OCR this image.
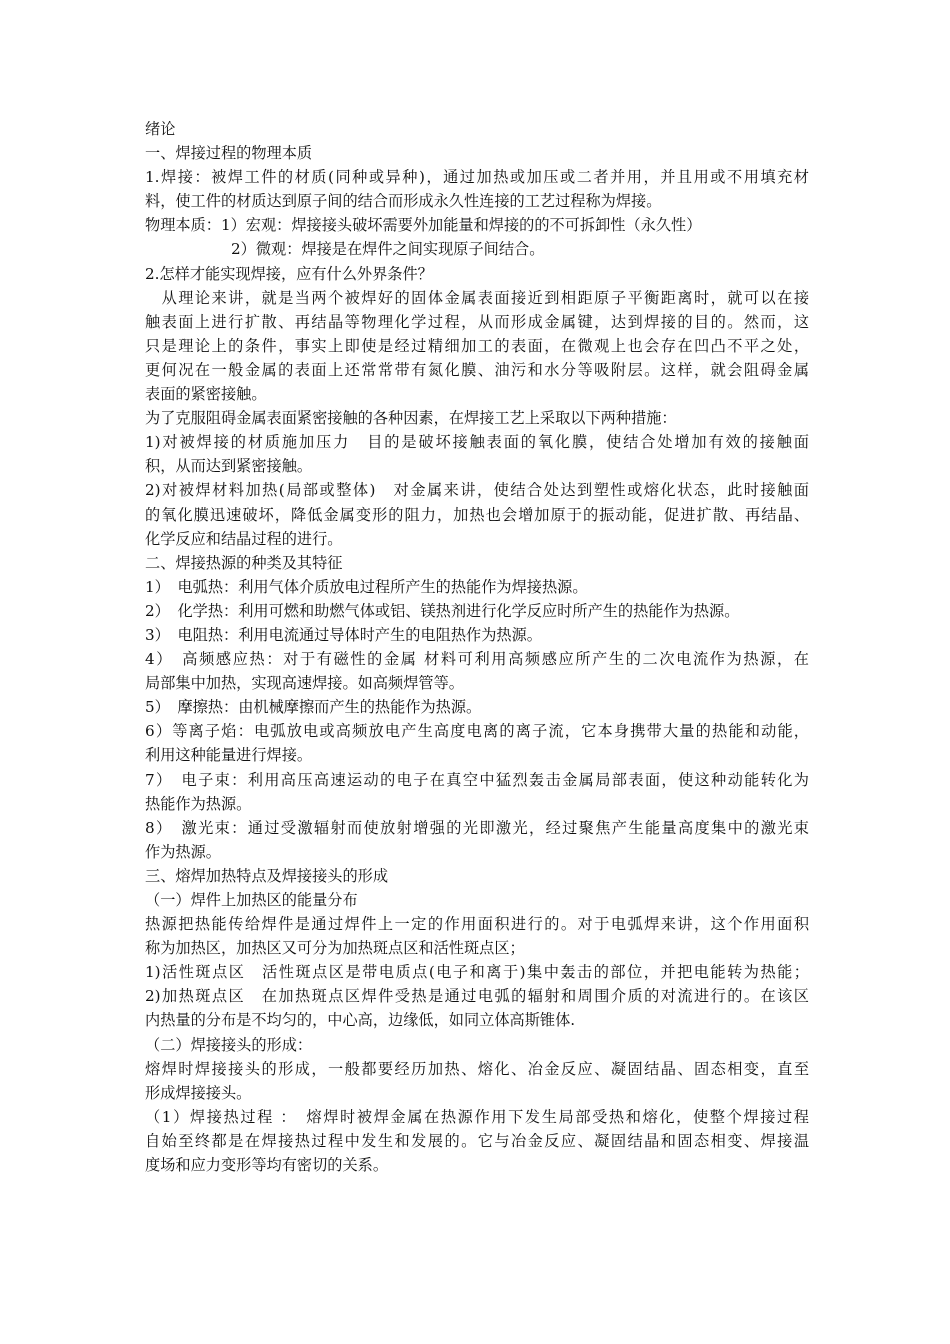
绪论

一、焊接过程的物理本质

1.焊接：被焊工件的材质(同种或异种)，通过加热或加压或二者并用，并且用或不用填充材

料，使工件的材质达到原子间的结合而形成永久性连接的工艺过程称为焊接。

物理本质：1）宏观：焊接接头破坏需要外加能量和焊接的的不可拆卸性（永久性）

2）微观：焊接是在焊件之间实现原子间结合。

2.怎样才能实现焊接，应有什么外界条件？

　从理论来讲，就是当两个被焊好的固体金属表面接近到相距原子平衡距离时，就可以在接

触表面上进行扩散、再结晶等物理化学过程，从而形成金属键，达到焊接的目的。然而，这

只是理论上的条件，事实上即使是经过精细加工的表面，在微观上也会存在凹凸不平之处，

更何况在一般金属的表面上还常常带有氮化膜、油污和水分等吸附层。这样，就会阻碍金属

表面的紧密接触。

为了克服阻碍金属表面紧密接触的各种因素，在焊接工艺上采取以下两种措施：

1)对被焊接的材质施加压力　目的是破坏接触表面的氧化膜，使结合处增加有效的接触面

积，从而达到紧密接触。

2)对被焊材料加热(局部或整体)　对金属来讲，使结合处达到塑性或熔化状态，此时接触面

的氧化膜迅速破坏，降低金属变形的阻力，加热也会增加原于的振动能，促进扩散、再结晶、

化学反应和结晶过程的进行。

二、焊接热源的种类及其特征

1）　电弧热：利用气体介质放电过程所产生的热能作为焊接热源。

2）　化学热：利用可燃和助燃气体或铝、镁热剂进行化学反应时所产生的热能作为热源。

3）　电阻热：利用电流通过导体时产生的电阻热作为热源。

4）　高频感应热：对于有磁性的金属 材料可利用高频感应所产生的二次电流作为热源，在

局部集中加热，实现高速焊接。如高频焊管等。

5）　摩擦热：由机械摩擦而产生的热能作为热源。

6）等离子焰：电弧放电或高频放电产生高度电离的离子流，它本身携带大量的热能和动能，

利用这种能量进行焊接。

7）　电子束：利用高压高速运动的电子在真空中猛烈轰击金属局部表面，使这种动能转化为

热能作为热源。

8）　激光束：通过受激辐射而使放射增强的光即激光，经过聚焦产生能量高度集中的激光束

作为热源。

三、熔焊加热特点及焊接接头的形成

（一）焊件上加热区的能量分布

热源把热能传给焊件是通过焊件上一定的作用面积进行的。对于电弧焊来讲，这个作用面积

称为加热区，加热区又可分为加热斑点区和活性斑点区；

1)活性斑点区　活性斑点区是带电质点(电子和离于)集中轰击的部位，并把电能转为热能；

2)加热斑点区　在加热斑点区焊件受热是通过电弧的辐射和周围介质的对流进行的。在该区

内热量的分布是不均匀的，中心高，边缘低，如同立体高斯锥体.

（二）焊接接头的形成：

熔焊时焊接接头的形成，一般都要经历加热、熔化、冶金反应、凝固结晶、固态相变，直至

形成焊接接头。

（1）焊接热过程 ：　熔焊时被焊金属在热源作用下发生局部受热和熔化，使整个焊接过程

自始至终都是在焊接热过程中发生和发展的。它与冶金反应、凝固结晶和固态相变、焊接温

度场和应力变形等均有密切的关系。
